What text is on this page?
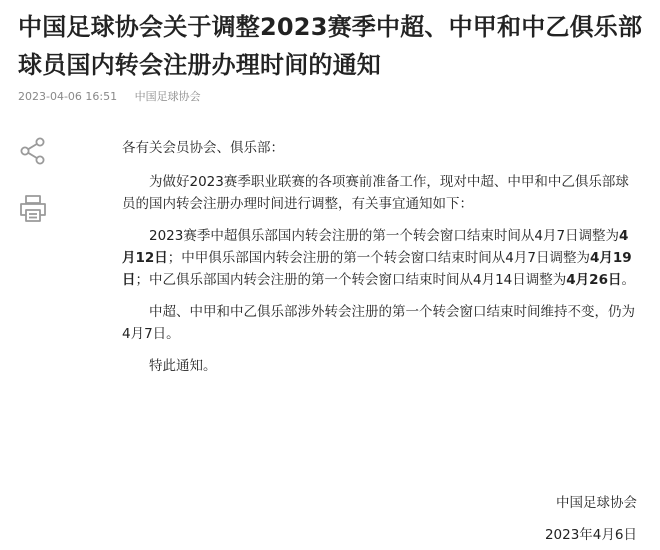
中国足球协会关于调整2023赛季中超、中甲和中乙俱乐部球员国内转会注册办理时间的通知
2023-04-06 16:51 中国足球协会

各有关会员协会、俱乐部：

为做好2023赛季职业联赛的各项赛前准备工作，现对中超、中甲和中乙俱乐部球员的国内转会注册办理时间进行调整，有关事宜通知如下：

2023赛季中超俱乐部国内转会注册的第一个转会窗口结束时间从4月7日调整为4月12日；中甲俱乐部国内转会注册的第一个转会窗口结束时间从4月7日调整为4月19日；中乙俱乐部国内转会注册的第一个转会窗口结束时间从4月14日调整为4月26日。

中超、中甲和中乙俱乐部涉外转会注册的第一个转会窗口结束时间维持不变，仍为4月7日。

特此通知。

中国足球协会
2023年4月6日
